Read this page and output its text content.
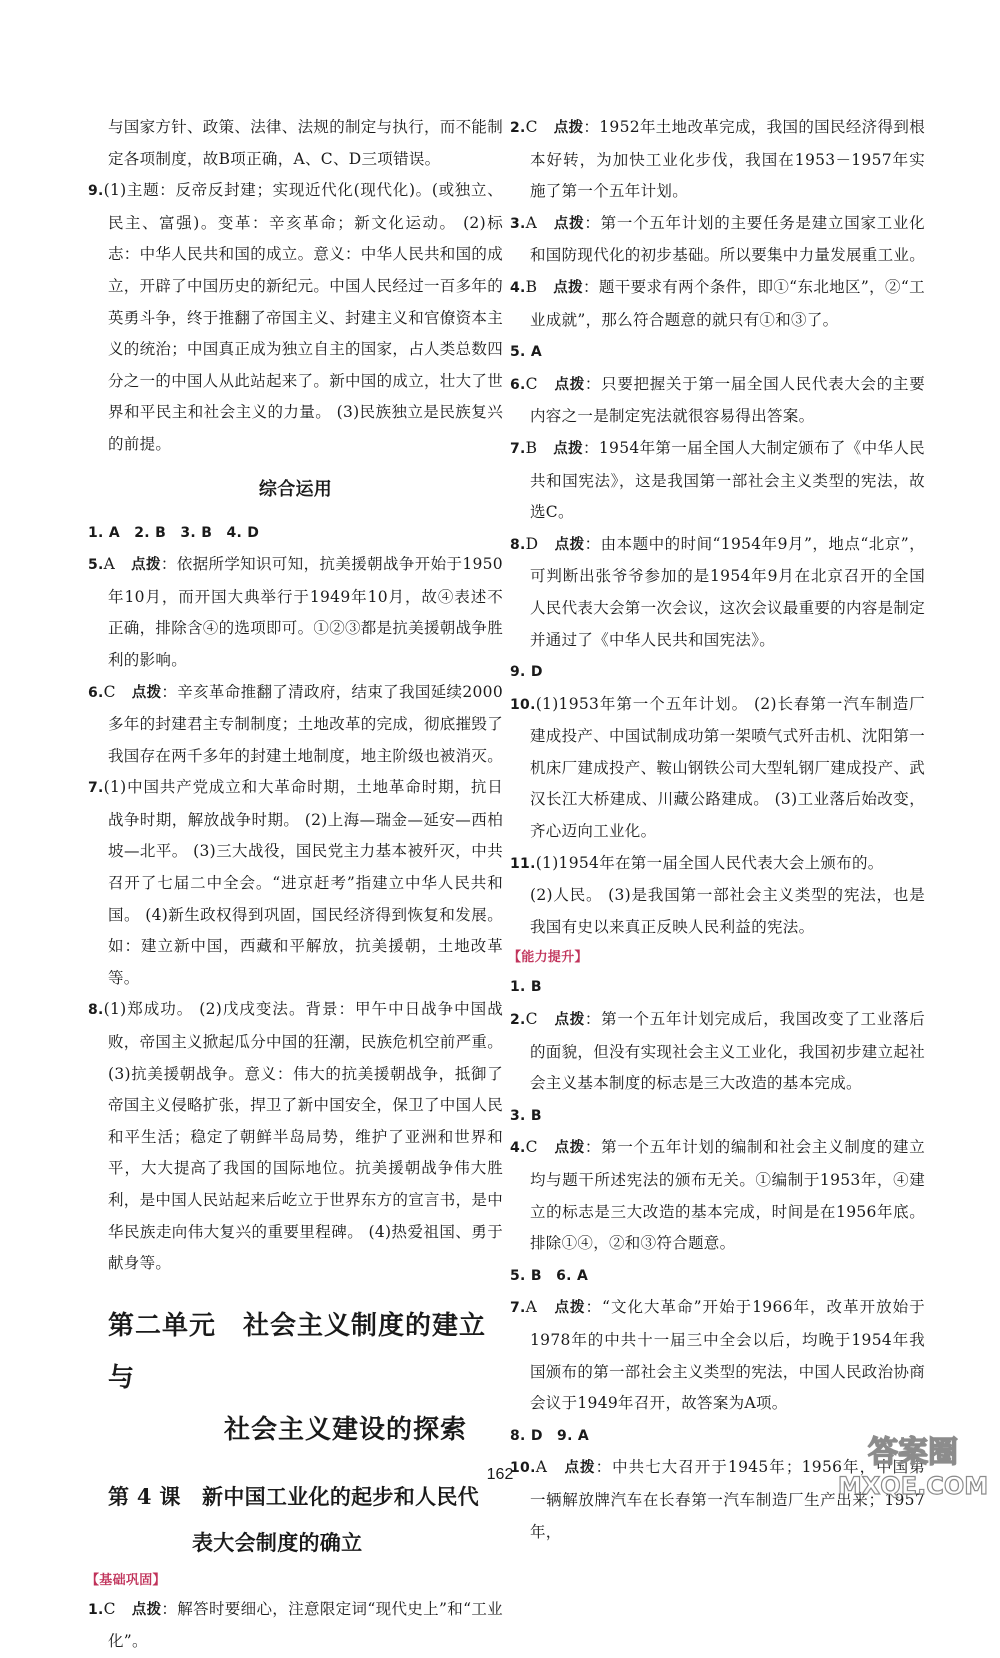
与国家方针、政策、法律、法规的制定与执行，而不能制定各项制度，故B项正确，A、C、D三项错误。

9.(1)主题：反帝反封建；实现近代化(现代化)。(或独立、民主、富强)。变革：辛亥革命；新文化运动。 (2)标志：中华人民共和国的成立。意义：中华人民共和国的成立，开辟了中国历史的新纪元。中国人民经过一百多年的英勇斗争，终于推翻了帝国主义、封建主义和官僚资本主义的统治；中国真正成为独立自主的国家，占人类总数四分之一的中国人从此站起来了。新中国的成立，壮大了世界和平民主和社会主义的力量。 (3)民族独立是民族复兴的前提。

综合运用

1. A　2. B　3. B　4. D

5.A　 点拨：依据所学知识可知，抗美援朝战争开始于1950年10月，而开国大典举行于1949年10月，故④表述不正确，排除含④的选项即可。①②③都是抗美援朝战争胜利的影响。

6.C　 点拨：辛亥革命推翻了清政府，结束了我国延续2000多年的封建君主专制制度；土地改革的完成，彻底摧毁了我国存在两千多年的封建土地制度，地主阶级也被消灭。

7.(1)中国共产党成立和大革命时期，土地革命时期，抗日战争时期，解放战争时期。 (2)上海—瑞金—延安—西柏坡—北平。 (3)三大战役，国民党主力基本被歼灭，中共召开了七届二中全会。“进京赶考”指建立中华人民共和国。 (4)新生政权得到巩固，国民经济得到恢复和发展。如：建立新中国，西藏和平解放，抗美援朝，土地改革等。

8.(1)郑成功。 (2)戊戌变法。背景：甲午中日战争中国战败，帝国主义掀起瓜分中国的狂潮，民族危机空前严重。

(3)抗美援朝战争。意义：伟大的抗美援朝战争，抵御了帝国主义侵略扩张，捍卫了新中国安全，保卫了中国人民和平生活；稳定了朝鲜半岛局势，维护了亚洲和世界和平，大大提高了我国的国际地位。抗美援朝战争伟大胜利，是中国人民站起来后屹立于世界东方的宣言书，是中华民族走向伟大复兴的重要里程碑。 (4)热爱祖国、勇于献身等。

第二单元　社会主义制度的建立与
社会主义建设的探索
第 4 课　新中国工业化的起步和人民代
表大会制度的确立
【基础巩固】

1.C　 点拨：解答时要细心，注意限定词“现代史上”和“工业化”。

2.C　 点拨：1952年土地改革完成，我国的国民经济得到根本好转，为加快工业化步伐，我国在1953－1957年实施了第一个五年计划。

3.A　 点拨：第一个五年计划的主要任务是建立国家工业化和国防现代化的初步基础。所以要集中力量发展重工业。

4.B　 点拨：题干要求有两个条件，即①“东北地区”，②“工业成就”，那么符合题意的就只有①和③了。

5. A

6.C　 点拨：只要把握关于第一届全国人民代表大会的主要内容之一是制定宪法就很容易得出答案。

7.B　 点拨：1954年第一届全国人大制定颁布了《中华人民共和国宪法》，这是我国第一部社会主义类型的宪法，故选C。

8.D　 点拨：由本题中的时间“1954年9月”，地点“北京”，可判断出张爷爷参加的是1954年9月在北京召开的全国人民代表大会第一次会议，这次会议最重要的内容是制定并通过了《中华人民共和国宪法》。

9. D

10.(1)1953年第一个五年计划。 (2)长春第一汽车制造厂建成投产、中国试制成功第一架喷气式歼击机、沈阳第一机床厂建成投产、鞍山钢铁公司大型轧钢厂建成投产、武汉长江大桥建成、川藏公路建成。 (3)工业落后始改变，齐心迈向工业化。

11.(1)1954年在第一届全国人民代表大会上颁布的。

(2)人民。 (3)是我国第一部社会主义类型的宪法，也是我国有史以来真正反映人民利益的宪法。

【能力提升】

1. B

2.C　 点拨：第一个五年计划完成后，我国改变了工业落后的面貌，但没有实现社会主义工业化，我国初步建立起社会主义基本制度的标志是三大改造的基本完成。

3. B

4.C　 点拨：第一个五年计划的编制和社会主义制度的建立均与题干所述宪法的颁布无关。①编制于1953年，④建立的标志是三大改造的基本完成，时间是在1956年底。排除①④，②和③符合题意。

5. B　6. A

7.A　 点拨：“文化大革命”开始于1966年，改革开放始于1978年的中共十一届三中全会以后，均晚于1954年我国颁布的第一部社会主义类型的宪法，中国人民政治协商会议于1949年召开，故答案为A项。

8. D　9. A

10.A　 点拨：中共七大召开于1945年；1956年，中国第一辆解放牌汽车在长春第一汽车制造厂生产出来；1957年，

162
答案圈
MXQE.COM
